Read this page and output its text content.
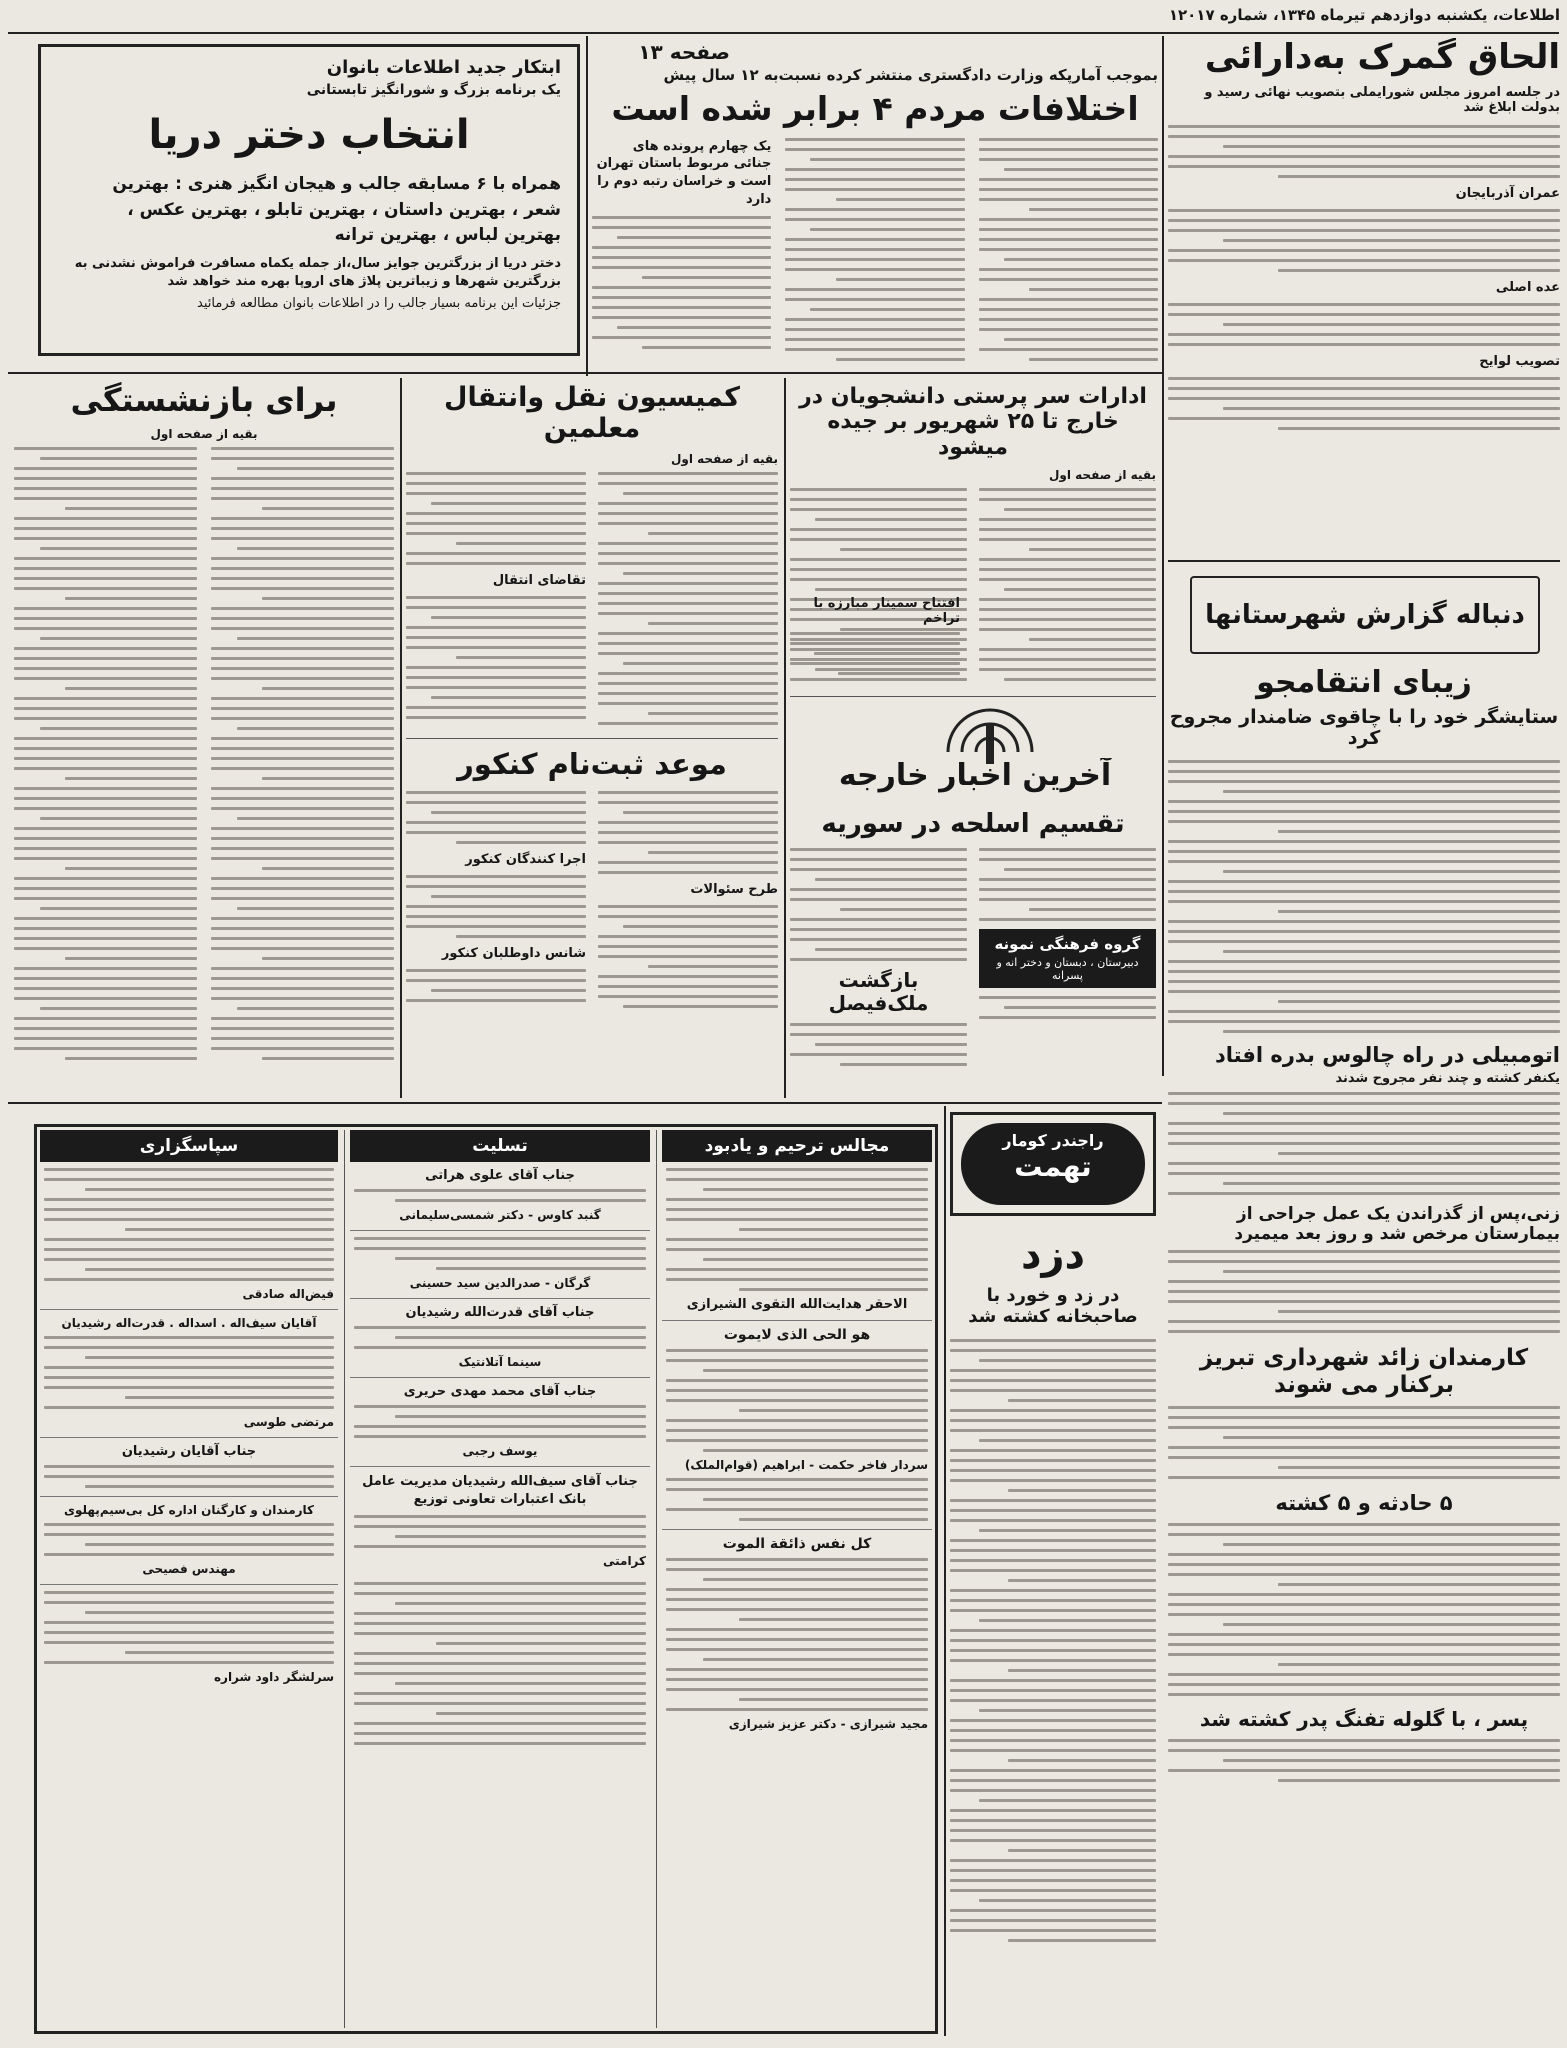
اطلاعات، یکشنبه دوازدهم تیرماه ۱۳۴۵، شماره ۱۲۰۱۷
صفحه ۱۳	الحاق گمرک به‌دارائی
در جلسه امروز مجلس شورایملی بتصویب نهائی رسید و بدولت ابلاغ شد
عمران آذربایجان
عده اصلی
تصویب لوایح
بموجب آمارپکه وزارت دادگستری منتشر کرده نسبت‌به ۱۲ سال پیش
اختلافات مردم ۴ برابر شده است
یک چهارم پرونده های جنائی مربوط باستان تهران است و خراسان رتبه دوم را دارد
ابتکار جدید اطلاعات بانوان
یک برنامه بزرگ و شورانگیز تابستانی
انتخاب دختر دریا
همراه با ۶ مسابقه جالب و هیجان انگیز هنری : بهترین
شعر ، بهترین داستان ، بهترین تابلو ، بهترین عکس ،
بهترین لباس ، بهترین ترانه
دختر دریا از بزرگترین جوایز سال،از جمله یکماه مسافرت فراموش نشدنی به بزرگترین شهرها و زیباترین پلاژ های اروپا بهره مند خواهد شد
جزئیات این برنامه بسیار جالب را در اطلاعات بانوان مطالعه فرمائید
برای بازنشستگی
بقیه از صفحه اول
کمیسیون نقل وانتقال معلمین
بقیه از صفحه اول
تقاضای انتقال
موعد ثبت‌نام کنکور
طرح سئوالات
اجرا کنندگان کنکور
شانس داوطلبان کنکور
ادارات سر پرستی دانشجویان در خارج تا ۲۵ شهریور بر جیده میشود
بقیه از صفحه اول
افتتاح سمینار مبارزه با تراخم
آخرین اخبار خارجه
تقسیم اسلحه در سوریه
گروه فرهنگی نمونه
دبیرستان ، دبستان و دختر انه و پسرانه
بازگشت ملک‌فیصل
دنباله گزارش شهرستانها
زیبای انتقامجو
ستایشگر خود را با چاقوی ضامندار مجروح کرد
اتومبیلی در راه چالوس بدره افتاد
یکنفر کشته و چند نفر مجروح شدند
زنی،پس از گذراندن یک عمل جراحی از بیمارستان مرخص شد و روز بعد میمیرد
کارمندان زائد شهرداری تبریز برکنار می شوند
۵ حادثه و ۵ کشته
پسر ، با گلوله تفنگ پدر کشته شد
راجندر کومار
تهمت
دزد
در زد و خورد با صاحبخانه کشته شد
مجالس ترحیم و یادبود
الاحقر هدایت‌الله التقوی الشیرازی
هو الحی الذی لایموت
سردار فاخر حکمت - ابراهیم (قوام‌الملک)
کل نفس ذائقة الموت
مجید شیرازی - دکتر عزیز شیرازی
تسلیت
جناب آقای علوی هراتی
گنبد کاوس - دکتر شمسی‌سلیمانی
گرگان - صدرالدین سید حسینی
جناب آقای قدرت‌الله رشیدیان
سینما آتلانتیک
جناب آقای محمد مهدی حریری
یوسف رجبی
جناب آقای سیف‌الله رشیدیان مدیریت عامل بانک اعتبارات تعاونی توزیع
کرامتی
سپاسگزاری
فیض‌اله صادقی
آقایان سیف‌اله . اسداله . قدرت‌اله رشیدیان
مرتضی طوسی
جناب آقایان رشیدیان
کارمندان و کارگنان اداره کل بی‌سیم‌پهلوی
مهندس فصیحی
سرلشگر داود شراره
